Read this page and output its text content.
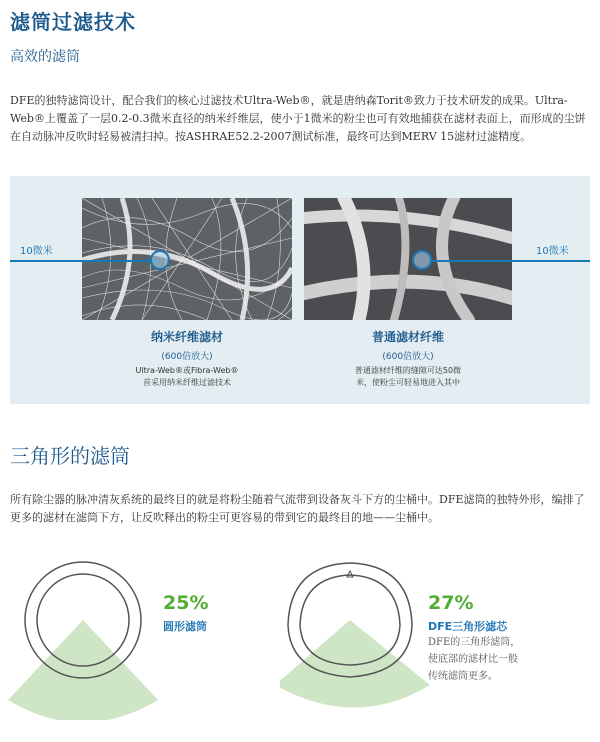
滤筒过滤技术
高效的滤筒
DFE的独特滤筒设计，配合我们的核心过滤技术Ultra-Web®，就是唐纳森Torit®致力于技术研发的成果。Ultra-Web®上覆盖了一层0.2-0.3微米直径的纳米纤维层，使小于1微米的粉尘也可有效地捕获在滤材表面上，而形成的尘饼在自动脉冲反吹时轻易被清扫掉。按ASHRAE52.2-2007测试标准，最终可达到MERV 15滤材过滤精度。
10微米	10微米
纳米纤维滤材
(600倍放大)
Ultra-Web®或Fibra-Web®
首采用纳米纤维过滤技术
普通滤材纤维
(600倍放大)
普通滤材纤维的缝隙可达50微
米，使粉尘可轻易地进入其中
三角形的滤筒
所有除尘器的脉冲清灰系统的最终目的就是将粉尘随着气流带到设备灰斗下方的尘桶中。DFE滤筒的独特外形，编排了更多的滤材在滤筒下方，让反吹释出的粉尘可更容易的带到它的最终目的地——尘桶中。
25%
圆形滤筒
27%
DFE三角形滤芯
DFE的三角形滤筒，
使底部的滤材比一般
传统滤筒更多。
